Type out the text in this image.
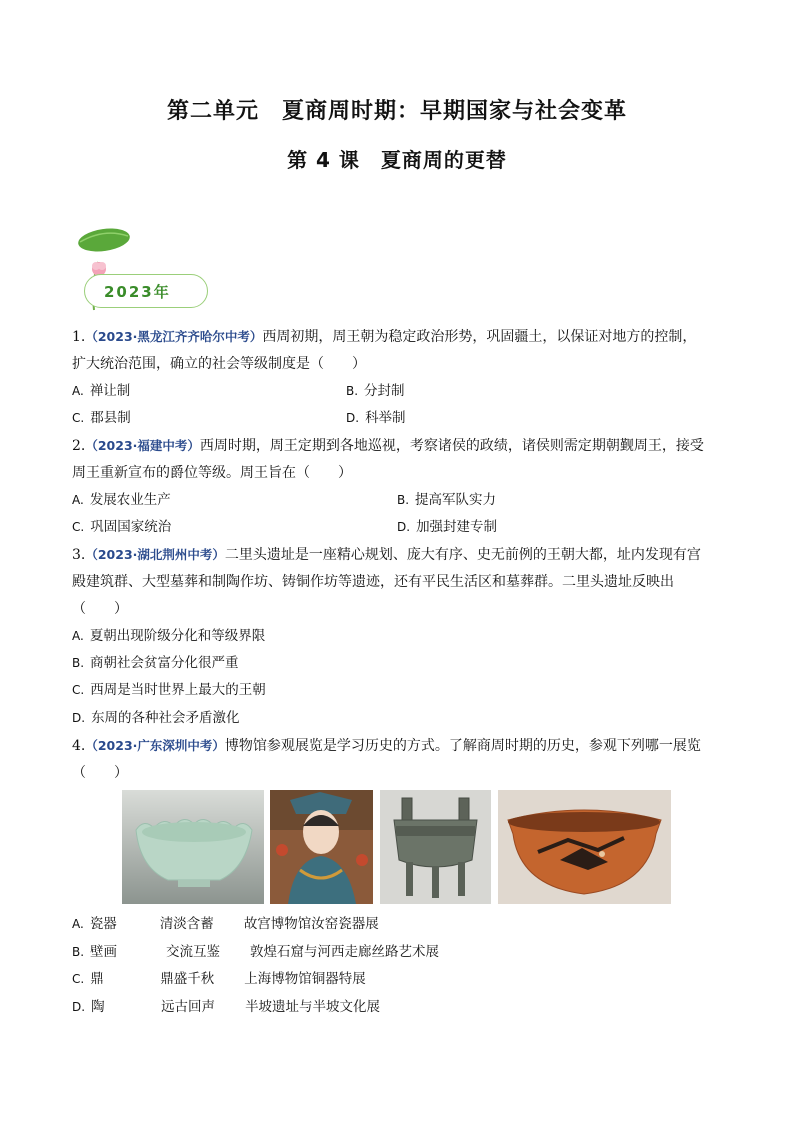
第二单元　夏商周时期：早期国家与社会变革
第 4 课　夏商周的更替
2023年
1.（2023·黑龙江齐齐哈尔中考）西周初期，周王朝为稳定政治形势，巩固疆土，以保证对地方的控制，
扩大统治范围，确立的社会等级制度是（　　）
A. 禅让制	B. 分封制
C. 郡县制	D. 科举制
2.（2023·福建中考）西周时期，周王定期到各地巡视，考察诸侯的政绩，诸侯则需定期朝觐周王，接受
周王重新宣布的爵位等级。周王旨在（　　）
A. 发展农业生产	B. 提高军队实力
C. 巩固国家统治	D. 加强封建专制
3.（2023·湖北荆州中考）二里头遗址是一座精心规划、庞大有序、史无前例的王朝大都，址内发现有宫
殿建筑群、大型墓葬和制陶作坊、铸铜作坊等遗迹，还有平民生活区和墓葬群。二里头遗址反映出
（　　）
A. 夏朝出现阶级分化和等级界限
B. 商朝社会贫富分化很严重
C. 西周是当时世界上最大的王朝
D. 东周的各种社会矛盾激化
4.（2023·广东深圳中考）博物馆参观展览是学习历史的方式。了解商周时期的历史，参观下列哪一展览
（　　）
A. 瓷器	清淡含蓄 故宫博物馆汝窑瓷器展
B. 壁画	交流互鉴 敦煌石窟与河西走廊丝路艺术展
C. 鼎	鼎盛千秋 上海博物馆铜器特展
D. 陶	远古回声 半坡遗址与半坡文化展
